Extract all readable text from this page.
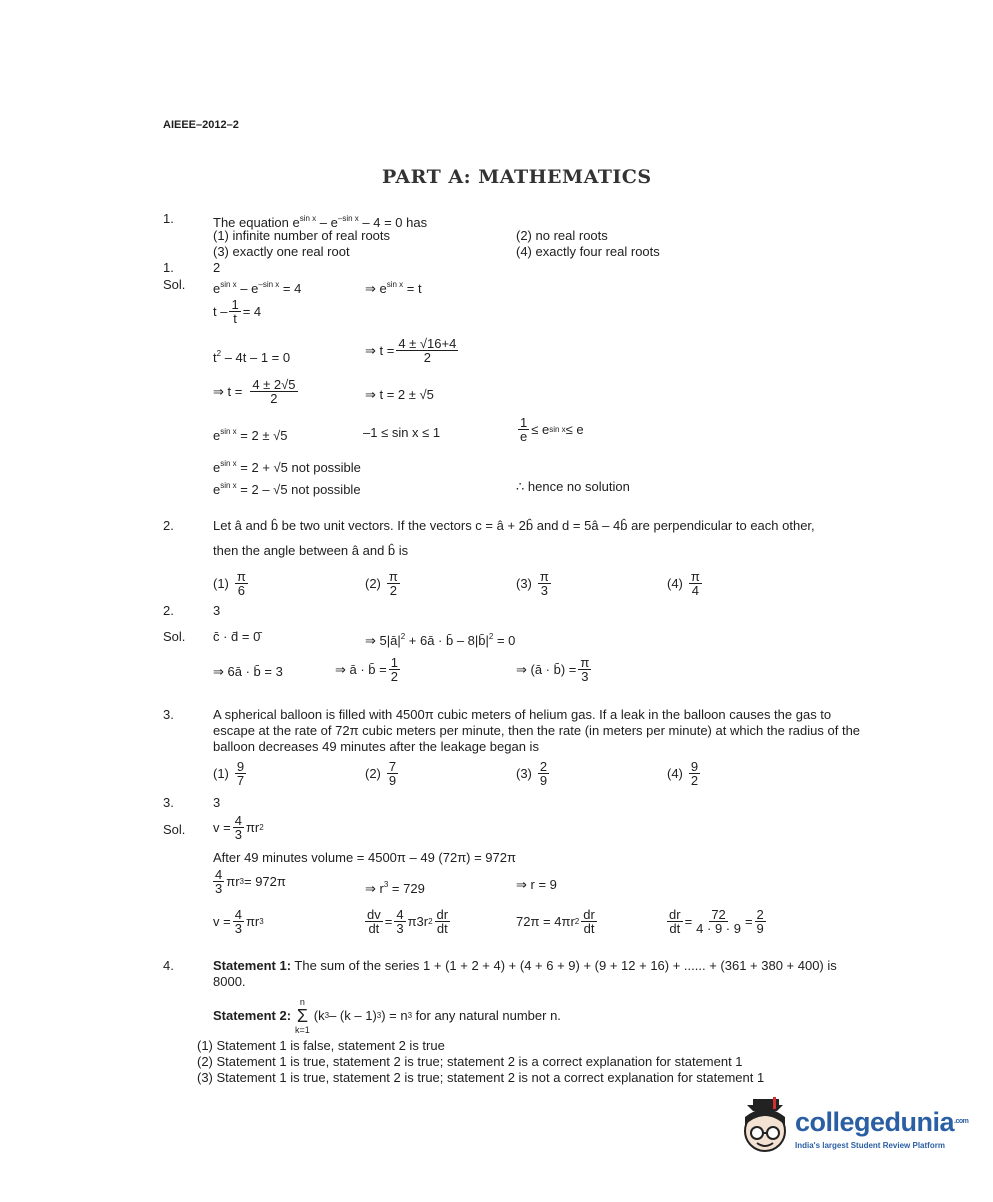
AIEEE–2012–2
PART A: MATHEMATICS
1.	The equation $e^{sin x} - e^{-sin x} - 4 = 0$ has
(1) infinite number of real roots	(2) no real roots
(3) exactly one real root	(4) exactly four real roots
1.	2
Sol. $e^{sin x} - e^{-sin x} = 4$	⇒ $e^{sin x} = t$
$t - \frac{1}{t} = 4$
$t^2 - 4t - 1 = 0$	⇒ $t = \frac{4 \pm √16+4}{2}$
⇒ $t = \frac{4 \pm 2√5}{2}$	⇒ t = 2 ± √5
$e^{sin x} = 2 \pm √5$	–1 ≤ sin x ≤ 1	$\frac{1}{e} \le e$ sin x ≤ e
$e^{sin x} = 2 + √5$ not possible
$e^{sin x} = 2 - √5$ not possible	∴ hence no solution
2.	Let â and b̂ be two unit vectors. If the vectors c = â + 2b̂ and d = 5â – 4b̂ are perpendicular to each other,
then the angle between â and b̂ is
$(1) \frac{\pi}{6}$	$(2) \frac{\pi}{2}$	$(3) \frac{\pi}{3}$	$(4) \frac{\pi}{4}$
2.	3
Sol. c̄ · d̄ = 0̄	⇒ $5|ā|^2$ + 6ā · b̄ – $8|b̄|^2 = 0$
⇒ 6ā · b̄ = 3	⇒ ā · b̄ = $\frac{1}{2}$	⇒ (ā · b̄) = $\frac{\pi}{3}$
3.	A spherical balloon is filled with 4500π cubic meters of helium gas. If a leak in the balloon causes the gas to escape at the rate of 72π cubic meters per minute, then the rate (in meters per minute) at which the radius of the balloon decreases 49 minutes after the leakage began is
$(1) \frac{9}{7}$	$(2) \frac{7}{9}$	$(3) \frac{2}{9}$	$(4) \frac{9}{2}$
3.	3
Sol. $v = \frac{4}{3}$ πr 2
After 49 minutes volume = 4500π – 49 (72π) = 972π
$\frac{4}{3}$ πr 3 = 972π	⇒ $r^3 = 729$	⇒ r = 9
$v = \frac{4}{3}$ πr 3	$\frac{dv}{dt} = \frac{4}{3} \pi 3r$ $2 \frac{dr}{dt}$	72π = 4πr $2 \frac{dr}{dt}$	$\frac{dr}{dt} = \frac{72}{4 \cdot 9 \cdot 9} = \frac{2}{9}$
4.	Statement 1: The sum of the series 1 + (1 + 2 + 4) + (4 + 6 + 9) + (9 + 12 + 16) + ...... + (361 + 380 + 400) is 8000.
Statement 2:
n
Σ
k=1
(k 3 – (k – 1) 3 ) = n 3 for any natural number n.
(1) Statement 1 is false, statement 2 is true
(2) Statement 1 is true, statement 2 is true; statement 2 is a correct explanation for statement 1
(3) Statement 1 is true, statement 2 is true; statement 2 is not a correct explanation for statement 1
collegedunia$^{.com}$
India's largest Student Review Platform
